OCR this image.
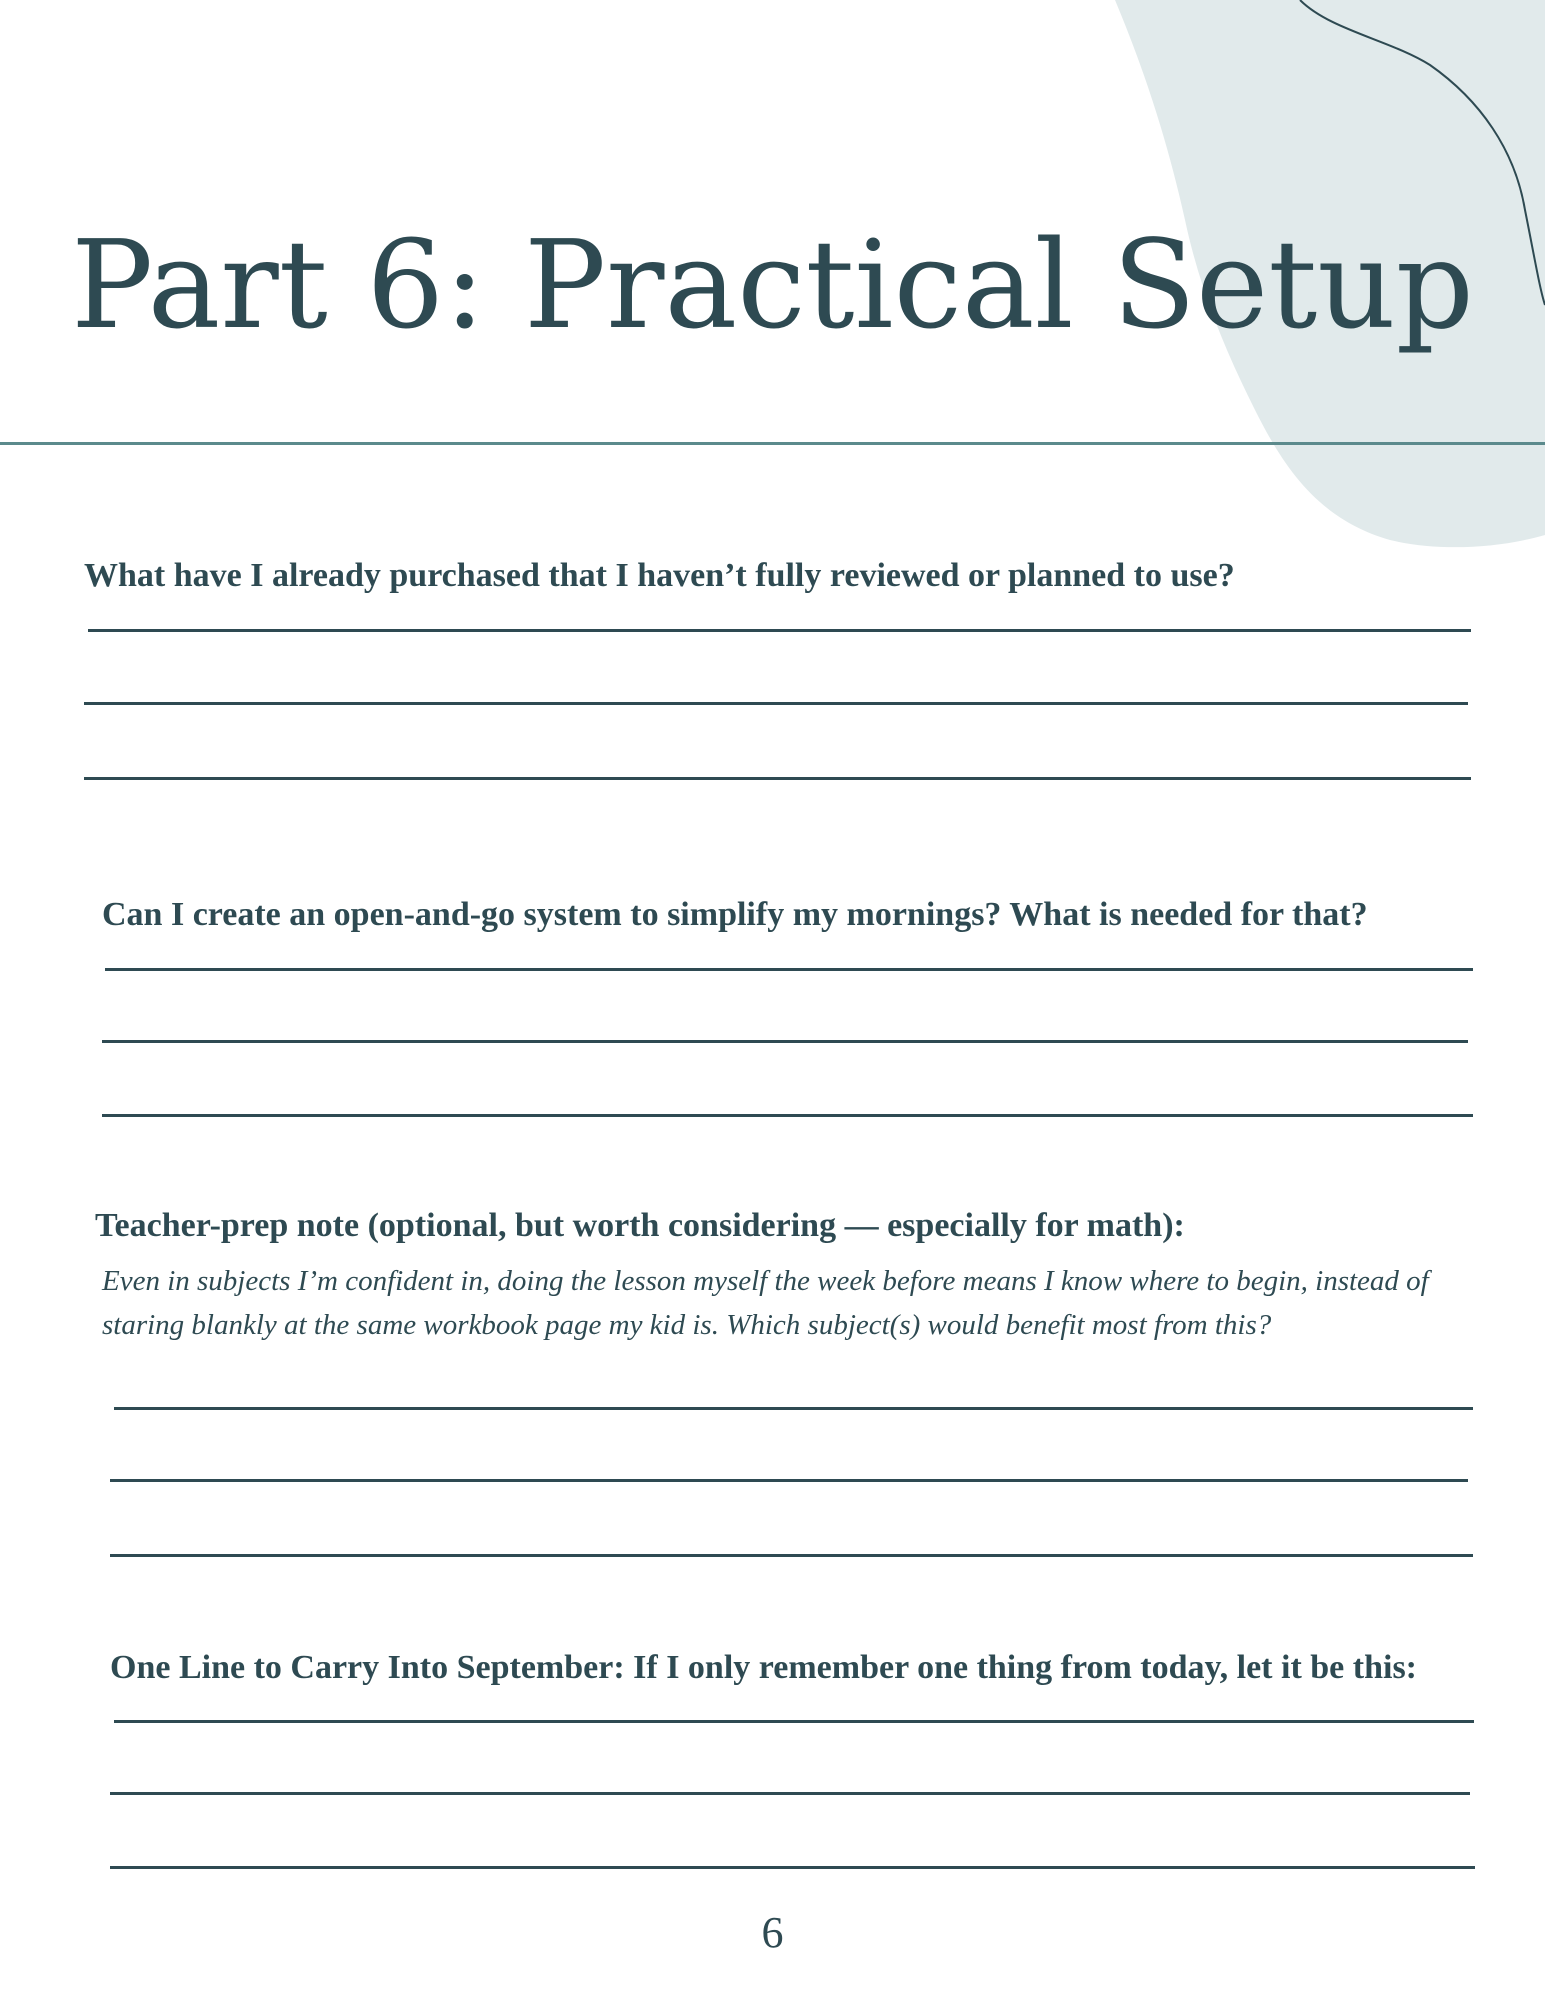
Part 6: Practical Setup
What have I already purchased that I haven’t fully reviewed or planned to use?
Can I create an open-and-go system to simplify my mornings? What is needed for that?
Teacher-prep note (optional, but worth considering — especially for math):
Even in subjects I’m confident in, doing the lesson myself the week before means I know where to begin, instead of staring blankly at the same workbook page my kid is. Which subject(s) would benefit most from this?
One Line to Carry Into September: If I only remember one thing from today, let it be this:
6
